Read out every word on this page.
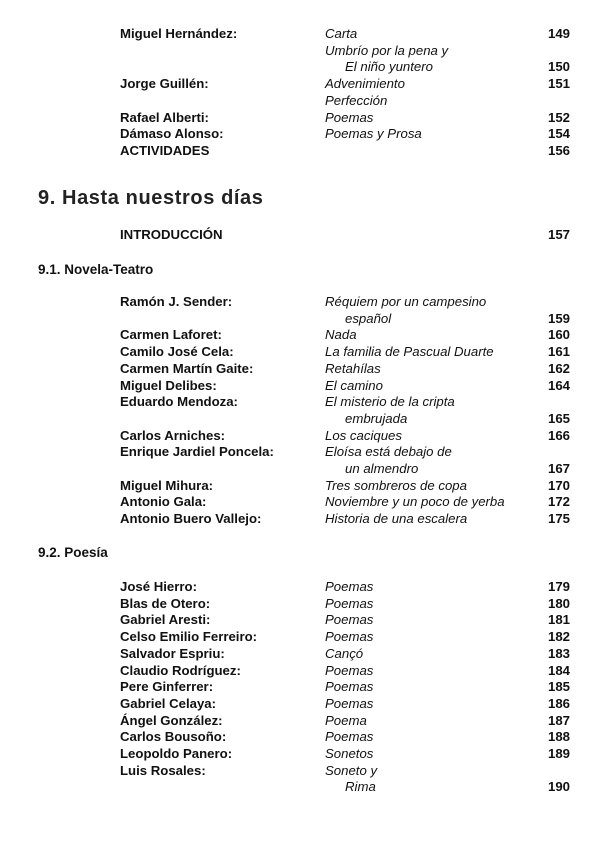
Miguel Hernández:	Carta	149
Umbrío por la pena y
El niño yuntero	150
Jorge Guillén:	Advenimiento	151
Perfección
Rafael Alberti:	Poemas	152
Dámaso Alonso:	Poemas y Prosa	154
ACTIVIDADES	156
9. Hasta nuestros días
INTRODUCCIÓN	157
9.1. Novela-Teatro
Ramón J. Sender:	Réquiem por un campesino
español	159
Carmen Laforet:	Nada	160
Camilo José Cela:	La familia de Pascual Duarte	161
Carmen Martín Gaite:	Retahílas	162
Miguel Delibes:	El camino	164
Eduardo Mendoza:	El misterio de la cripta
embrujada	165
Carlos Arniches:	Los caciques	166
Enrique Jardiel Poncela:	Eloísa está debajo de
un almendro	167
Miguel Mihura:	Tres sombreros de copa	170
Antonio Gala:	Noviembre y un poco de yerba	172
Antonio Buero Vallejo:	Historia de una escalera	175
9.2. Poesía
José Hierro:	Poemas	179
Blas de Otero:	Poemas	180
Gabriel Aresti:	Poemas	181
Celso Emilio Ferreiro:	Poemas	182
Salvador Espriu:	Cançó	183
Claudio Rodríguez:	Poemas	184
Pere Ginferrer:	Poemas	185
Gabriel Celaya:	Poemas	186
Ángel González:	Poema	187
Carlos Bousoño:	Poemas	188
Leopoldo Panero:	Sonetos	189
Luis Rosales:	Soneto y
Rima	190
